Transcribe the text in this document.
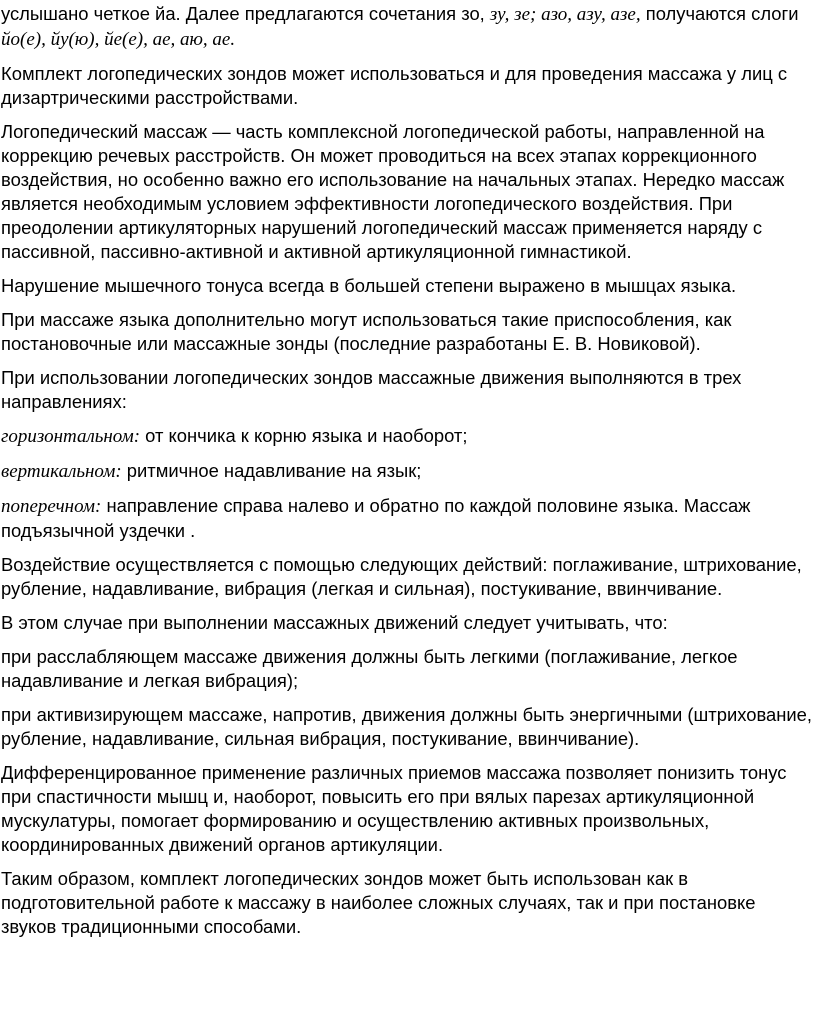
услышано четкое йа. Далее предлагаются сочетания зо, зу, зе; азо, азу, азе, получаются слоги йо(е), йу(ю), йе(е), ае, аю, ае.

Комплект логопедических зондов может использоваться и для проведения массажа у лиц с дизартрическими расстройствами.

Логопедический массаж — часть комплексной логопедической работы, направленной на коррекцию речевых расстройств. Он может проводиться на всех этапах коррекционного воздействия, но особенно важно его использование на начальных этапах. Нередко массаж является необходимым условием эффективности логопедического воздействия. При преодолении артикуляторных нарушений логопедический массаж применяется наряду с пассивной, пассивно-активной и активной артикуляционной гимнастикой.

Нарушение мышечного тонуса всегда в большей степени выражено в мышцах языка.

При массаже языка дополнительно могут использоваться такие приспособления, как постановочные или массажные зонды (последние разработаны Е. В. Новиковой).

При использовании логопедических зондов массажные движения выполняются в трех направлениях:

горизонтальном: от кончика к корню языка и наоборот;

вертикальном: ритмичное надавливание на язык;

поперечном: направление справа налево и обратно по каждой половине языка. Массаж подъязычной уздечки .

Воздействие осуществляется с помощью следующих действий: поглаживание, штрихование, рубление, надавливание, вибрация (легкая и сильная), постукивание, ввинчивание.

В этом случае при выполнении массажных движений следует учитывать, что:

при расслабляющем массаже движения должны быть легкими (поглаживание, легкое надавливание и легкая вибрация);

при активизирующем массаже, напротив, движения должны быть энергичными (штрихование, рубление, надавливание, сильная вибрация, постукивание, ввинчивание).

Дифференцированное применение различных приемов массажа позволяет понизить тонус при спастичности мышц и, наоборот, повысить его при вялых парезах артикуляционной мускулатуры, помогает формированию и осуществлению активных произвольных, координированных движений органов артикуляции.

Таким образом, комплект логопедических зондов может быть использован как в подготовительной работе к массажу в наиболее сложных случаях, так и при постановке звуков традиционными способами.
